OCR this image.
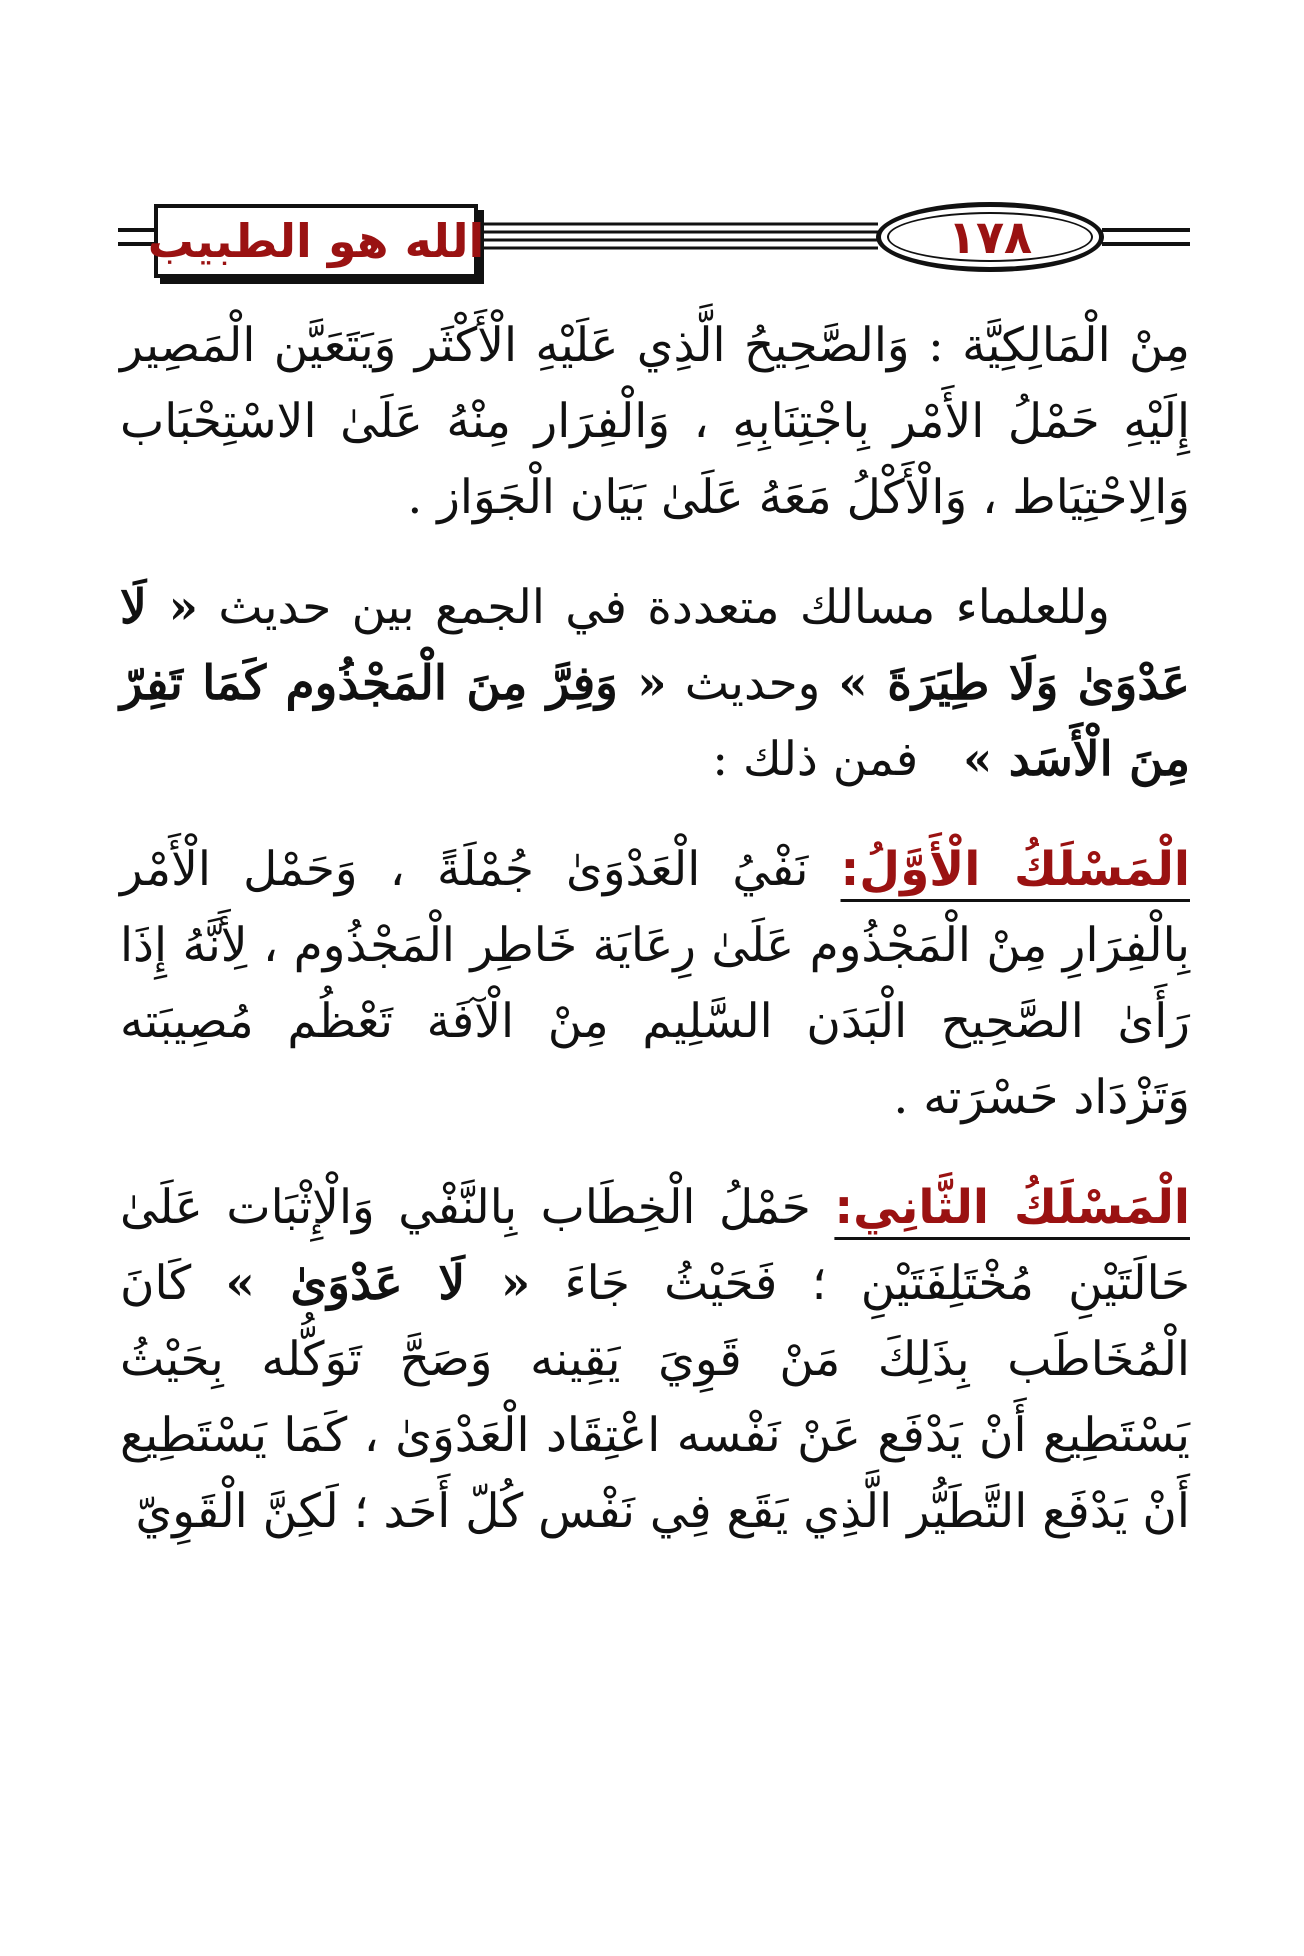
الله هو الطبيب	١٧٨

مِنْ الْمَالِكِيَّة : وَالصَّحِيحُ الَّذِي عَلَيْهِ الْأَكْثَر وَيَتَعَيَّن الْمَصِير إِلَيْهِ حَمْلُ الأَمْر بِاجْتِنَابِهِ ، وَالْفِرَار مِنْهُ عَلَىٰ الاسْتِحْبَاب وَالِاحْتِيَاط ، وَالْأَكْلُ مَعَهُ عَلَىٰ بَيَان الْجَوَاز .

وللعلماء مسالك متعددة في الجمع بين حديث « لَا عَدْوَىٰ وَلَا طِيَرَةَ » وحديث « وَفِرَّ مِنَ الْمَجْذُوم كَمَا تَفِرّ مِنَ الْأَسَد »   فمن ذلك :

الْمَسْلَكُ الْأَوَّلُ: نَفْيُ الْعَدْوَىٰ جُمْلَةً ، وَحَمْل الْأَمْر بِالْفِرَارِ مِنْ الْمَجْذُوم عَلَىٰ رِعَايَة خَاطِر الْمَجْذُوم ، لِأَنَّهُ إِذَا رَأَىٰ الصَّحِيح الْبَدَن السَّلِيم مِنْ الْآفَة تَعْظُم مُصِيبَته وَتَزْدَاد حَسْرَته .

الْمَسْلَكُ الثَّانِي: حَمْلُ الْخِطَاب بِالنَّفْي وَالْإِثْبَات عَلَىٰ حَالَتَيْنِ مُخْتَلِفَتَيْنِ ؛ فَحَيْثُ جَاءَ « لَا عَدْوَىٰ » كَانَ الْمُخَاطَب بِذَلِكَ مَنْ قَوِيَ يَقِينه وَصَحَّ تَوَكُّله بِحَيْثُ يَسْتَطِيع أَنْ يَدْفَع عَنْ نَفْسه اعْتِقَاد الْعَدْوَىٰ ، كَمَا يَسْتَطِيع أَنْ يَدْفَع التَّطَيُّر الَّذِي يَقَع فِي نَفْس كُلّ أَحَد ؛ لَكِنَّ الْقَوِيّ
